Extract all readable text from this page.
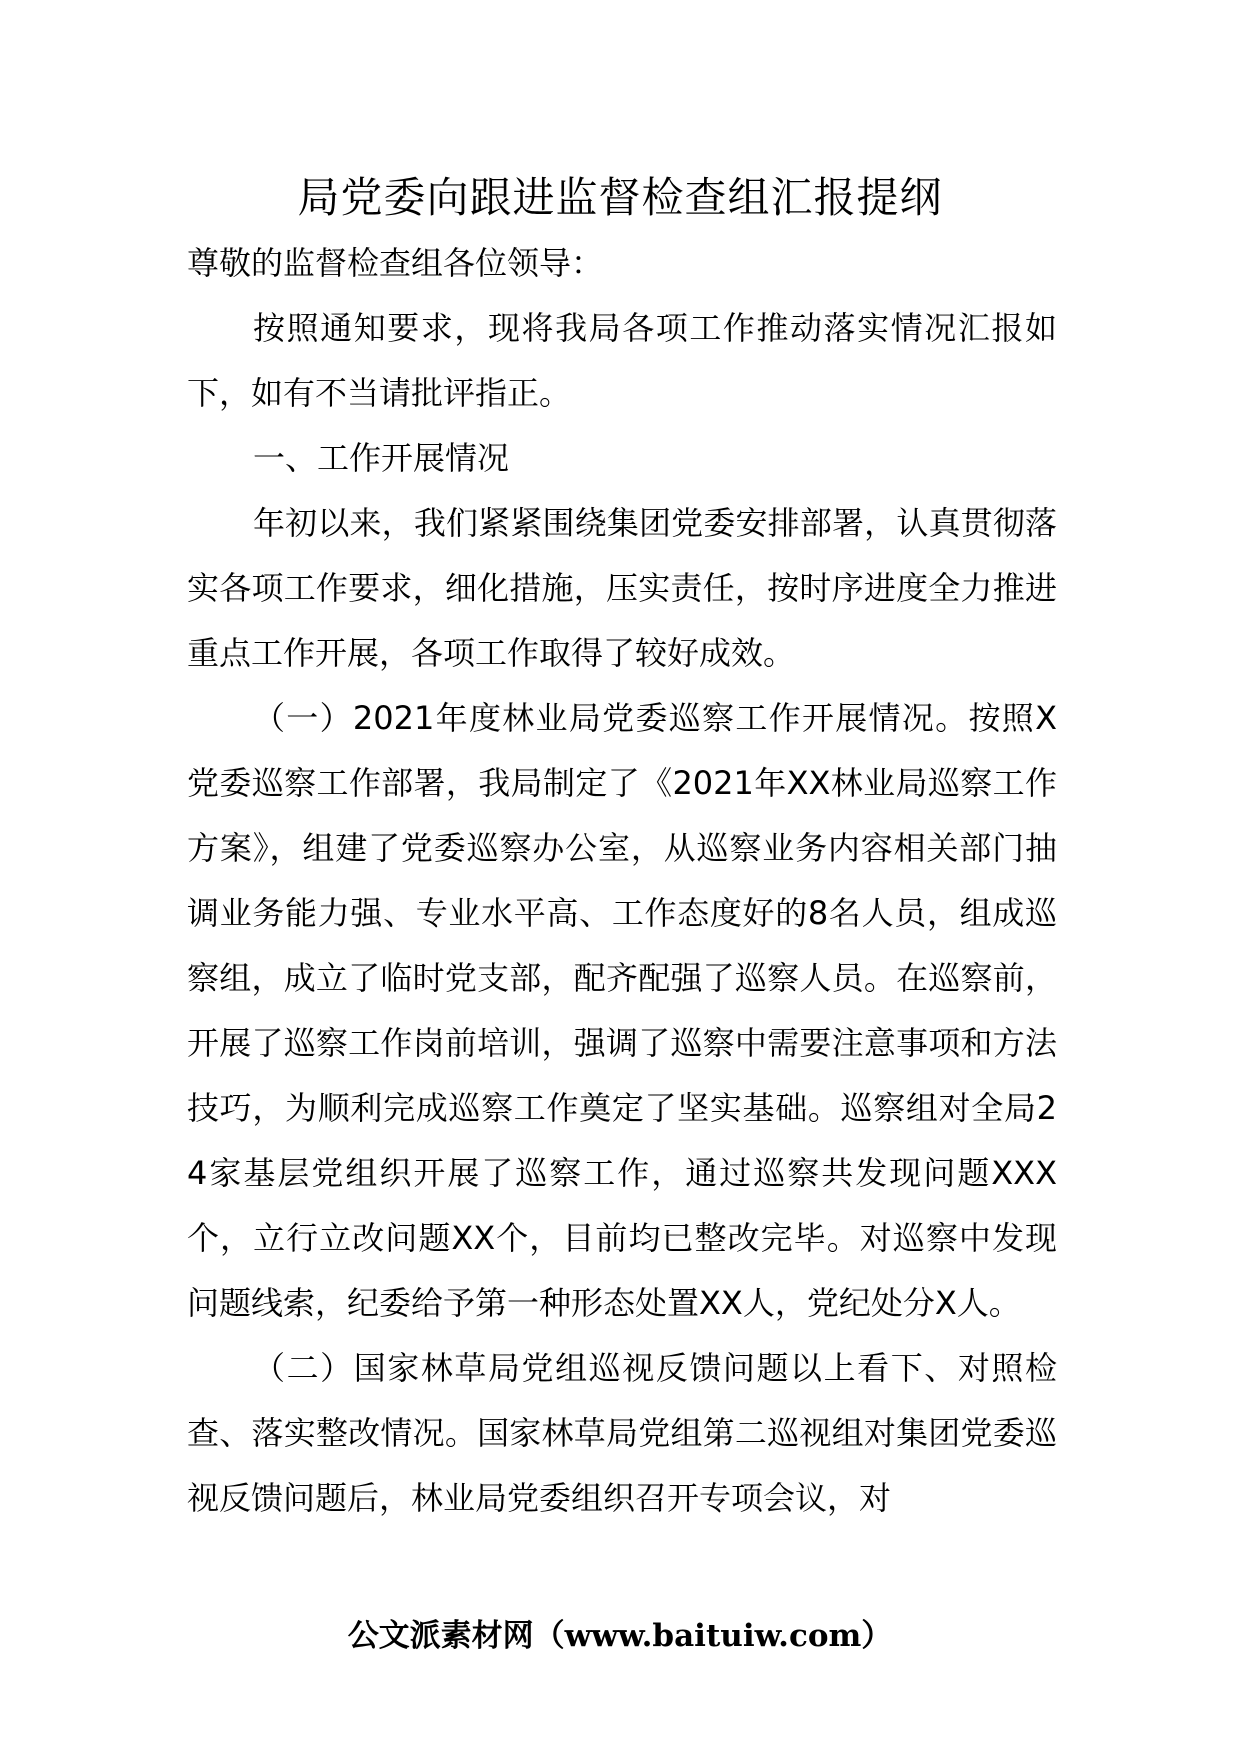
局党委向跟进监督检查组汇报提纲

尊敬的监督检查组各位领导：

按照通知要求，现将我局各项工作推动落实情况汇报如下，如有不当请批评指正。

一、工作开展情况

年初以来，我们紧紧围绕集团党委安排部署，认真贯彻落实各项工作要求，细化措施，压实责任，按时序进度全力推进重点工作开展，各项工作取得了较好成效。

（一）2021年度林业局党委巡察工作开展情况。按照X党委巡察工作部署，我局制定了《2021年XX林业局巡察工作方案》，组建了党委巡察办公室，从巡察业务内容相关部门抽调业务能力强、专业水平高、工作态度好的8名人员，组成巡察组，成立了临时党支部，配齐配强了巡察人员。在巡察前，开展了巡察工作岗前培训，强调了巡察中需要注意事项和方法技巧，为顺利完成巡察工作奠定了坚实基础。巡察组对全局24家基层党组织开展了巡察工作，通过巡察共发现问题XXX个，立行立改问题XX个，目前均已整改完毕。对巡察中发现问题线索，纪委给予第一种形态处置XX人，党纪处分X人。

（二）国家林草局党组巡视反馈问题以上看下、对照检查、落实整改情况。国家林草局党组第二巡视组对集团党委巡视反馈问题后，林业局党委组织召开专项会议，对

公文派素材网（www.baituiw.com）
